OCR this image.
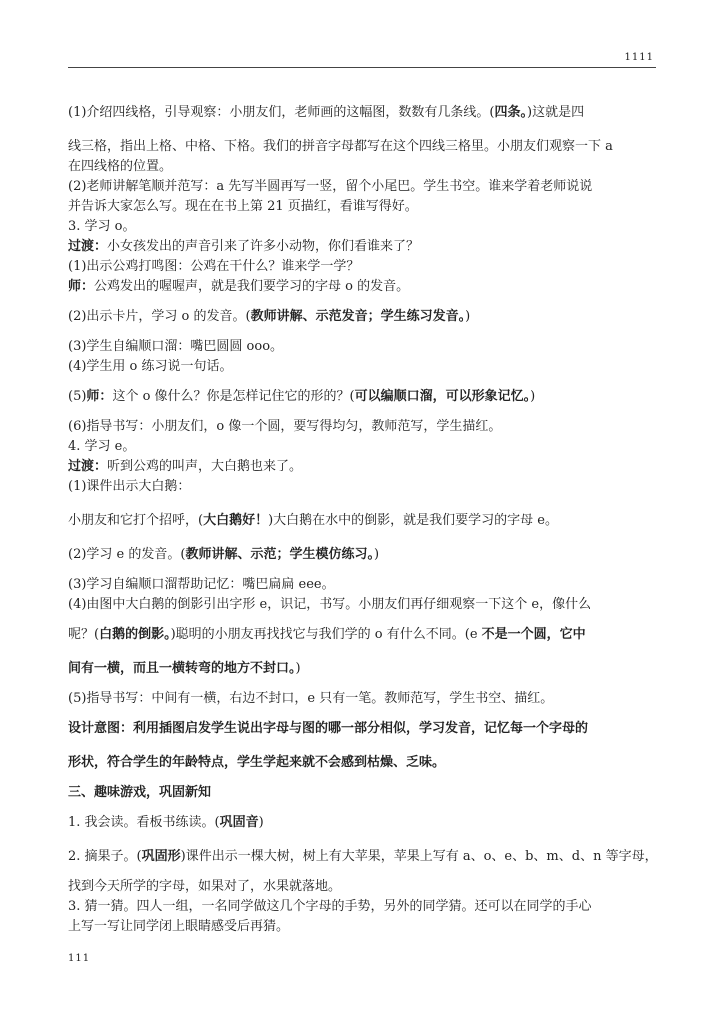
1111
(1)介绍四线格，引导观察：小朋友们，老师画的这幅图，数数有几条线。(四条。)这就是四
线三格，指出上格、中格、下格。我们的拼音字母都写在这个四线三格里。小朋友们观察一下 a
在四线格的位置。
(2)老师讲解笔顺并范写：a 先写半圆再写一竖，留个小尾巴。学生书空。谁来学着老师说说
并告诉大家怎么写。现在在书上第 21 页描红，看谁写得好。
3. 学习 o。
过渡：小女孩发出的声音引来了许多小动物，你们看谁来了？
(1)出示公鸡打鸣图：公鸡在干什么？谁来学一学？
师：公鸡发出的喔喔声，就是我们要学习的字母 o 的发音。
(2)出示卡片，学习 o 的发音。(教师讲解、示范发音；学生练习发音。)
(3)学生自编顺口溜：嘴巴圆圆 ooo。
(4)学生用 o 练习说一句话。
(5)师：这个 o 像什么？你是怎样记住它的形的？(可以编顺口溜，可以形象记忆。)
(6)指导书写：小朋友们，o 像一个圆，要写得均匀，教师范写，学生描红。
4. 学习 e。
过渡：听到公鸡的叫声，大白鹅也来了。
(1)课件出示大白鹅：
小朋友和它打个招呼，(大白鹅好！)大白鹅在水中的倒影，就是我们要学习的字母 e。
(2)学习 e 的发音。(教师讲解、示范；学生模仿练习。)
(3)学习自编顺口溜帮助记忆：嘴巴扁扁 eee。
(4)由图中大白鹅的倒影引出字形 e，识记，书写。小朋友们再仔细观察一下这个 e，像什么
呢？(白鹅的倒影。)聪明的小朋友再找找它与我们学的 o 有什么不同。(e 不是一个圆，它中
间有一横，而且一横转弯的地方不封口。)
(5)指导书写：中间有一横，右边不封口，e 只有一笔。教师范写，学生书空、描红。
设计意图：利用插图启发学生说出字母与图的哪一部分相似，学习发音，记忆每一个字母的
形状，符合学生的年龄特点，学生学起来就不会感到枯燥、乏味。
三、趣味游戏，巩固新知
1. 我会读。看板书练读。(巩固音)
2. 摘果子。(巩固形)课件出示一棵大树，树上有大苹果，苹果上写有 a、o、e、b、m、d、n 等字母，
找到今天所学的字母，如果对了，水果就落地。
3. 猜一猜。四人一组，一名同学做这几个字母的手势，另外的同学猜。还可以在同学的手心
上写一写让同学闭上眼睛感受后再猜。
111
